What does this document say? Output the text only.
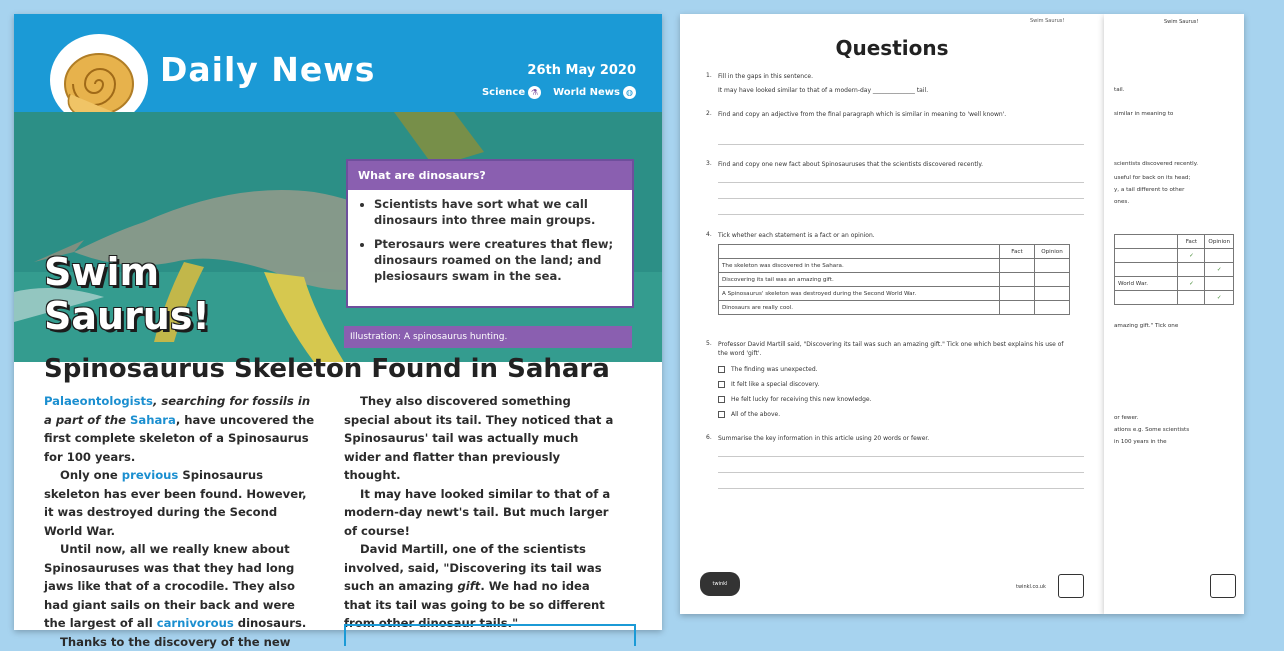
Daily News	26th May 2020
Science ⚗ World News ◍
Swim
Saurus!
What are dinosaurs?
• Scientists have sort what we call dinosaurs into three main groups.
• Pterosaurs were creatures that flew; dinosaurs roamed on the land; and plesiosaurs swam in the sea.
Illustration: A spinosaurus hunting.
Spinosaurus Skeleton Found in Sahara

Palaeontologists, searching for fossils in a part of the Sahara, have uncovered the first complete skeleton of a Spinosaurus for 100 years.

Only one previous Spinosaurus skeleton has ever been found. However, it was destroyed during the Second World War.

Until now, all we really knew about Spinosauruses was that they had long jaws like that of a crocodile. They also had giant sails on their back and were the largest of all carnivorous dinosaurs.

Thanks to the discovery of the new

They also discovered something special about its tail. They noticed that a Spinosaurus' tail was actually much wider and flatter than previously thought.

It may have looked similar to that of a modern-day newt's tail. But much larger of course!

David Martill, one of the scientists involved, said, "Discovering its tail was such an amazing gift. We had no idea that its tail was going to be so different from other dinosaur tails."

Swim Saurus!
Questions
1. Fill in the gaps in this sentence.
It may have looked similar to that of a modern-day ______________ tail.
2. Find and copy an adjective from the final paragraph which is similar in meaning to 'well known'.
3. Find and copy one new fact about Spinosauruses that the scientists discovered recently.
4. Tick whether each statement is a fact or an opinion.
	Fact	Opinion
The skeleton was discovered in the Sahara.		
Discovering its tail was an amazing gift.		
A Spinosaurus' skeleton was destroyed during the Second World War.		
Dinosaurs are really cool.		
5. Professor David Martill said, "Discovering its tail was such an amazing gift." Tick one which best explains his use of the word 'gift'.
The finding was unexpected.
It felt like a special discovery.
He felt lucky for receiving this new knowledge.
All of the above.
6. Summarise the key information in this article using 20 words or fewer.
twinkl	twinkl.co.uk
Swim Saurus!
tail.
similar in meaning to
scientists discovered recently.
useful for back on its head;
y, a tail different to other
ones.
	Fact	Opinion
	✓	
		✓
World War.	✓	
		✓
amazing gift." Tick one
or fewer.
ations e.g. Some scientists
in 100 years in the
